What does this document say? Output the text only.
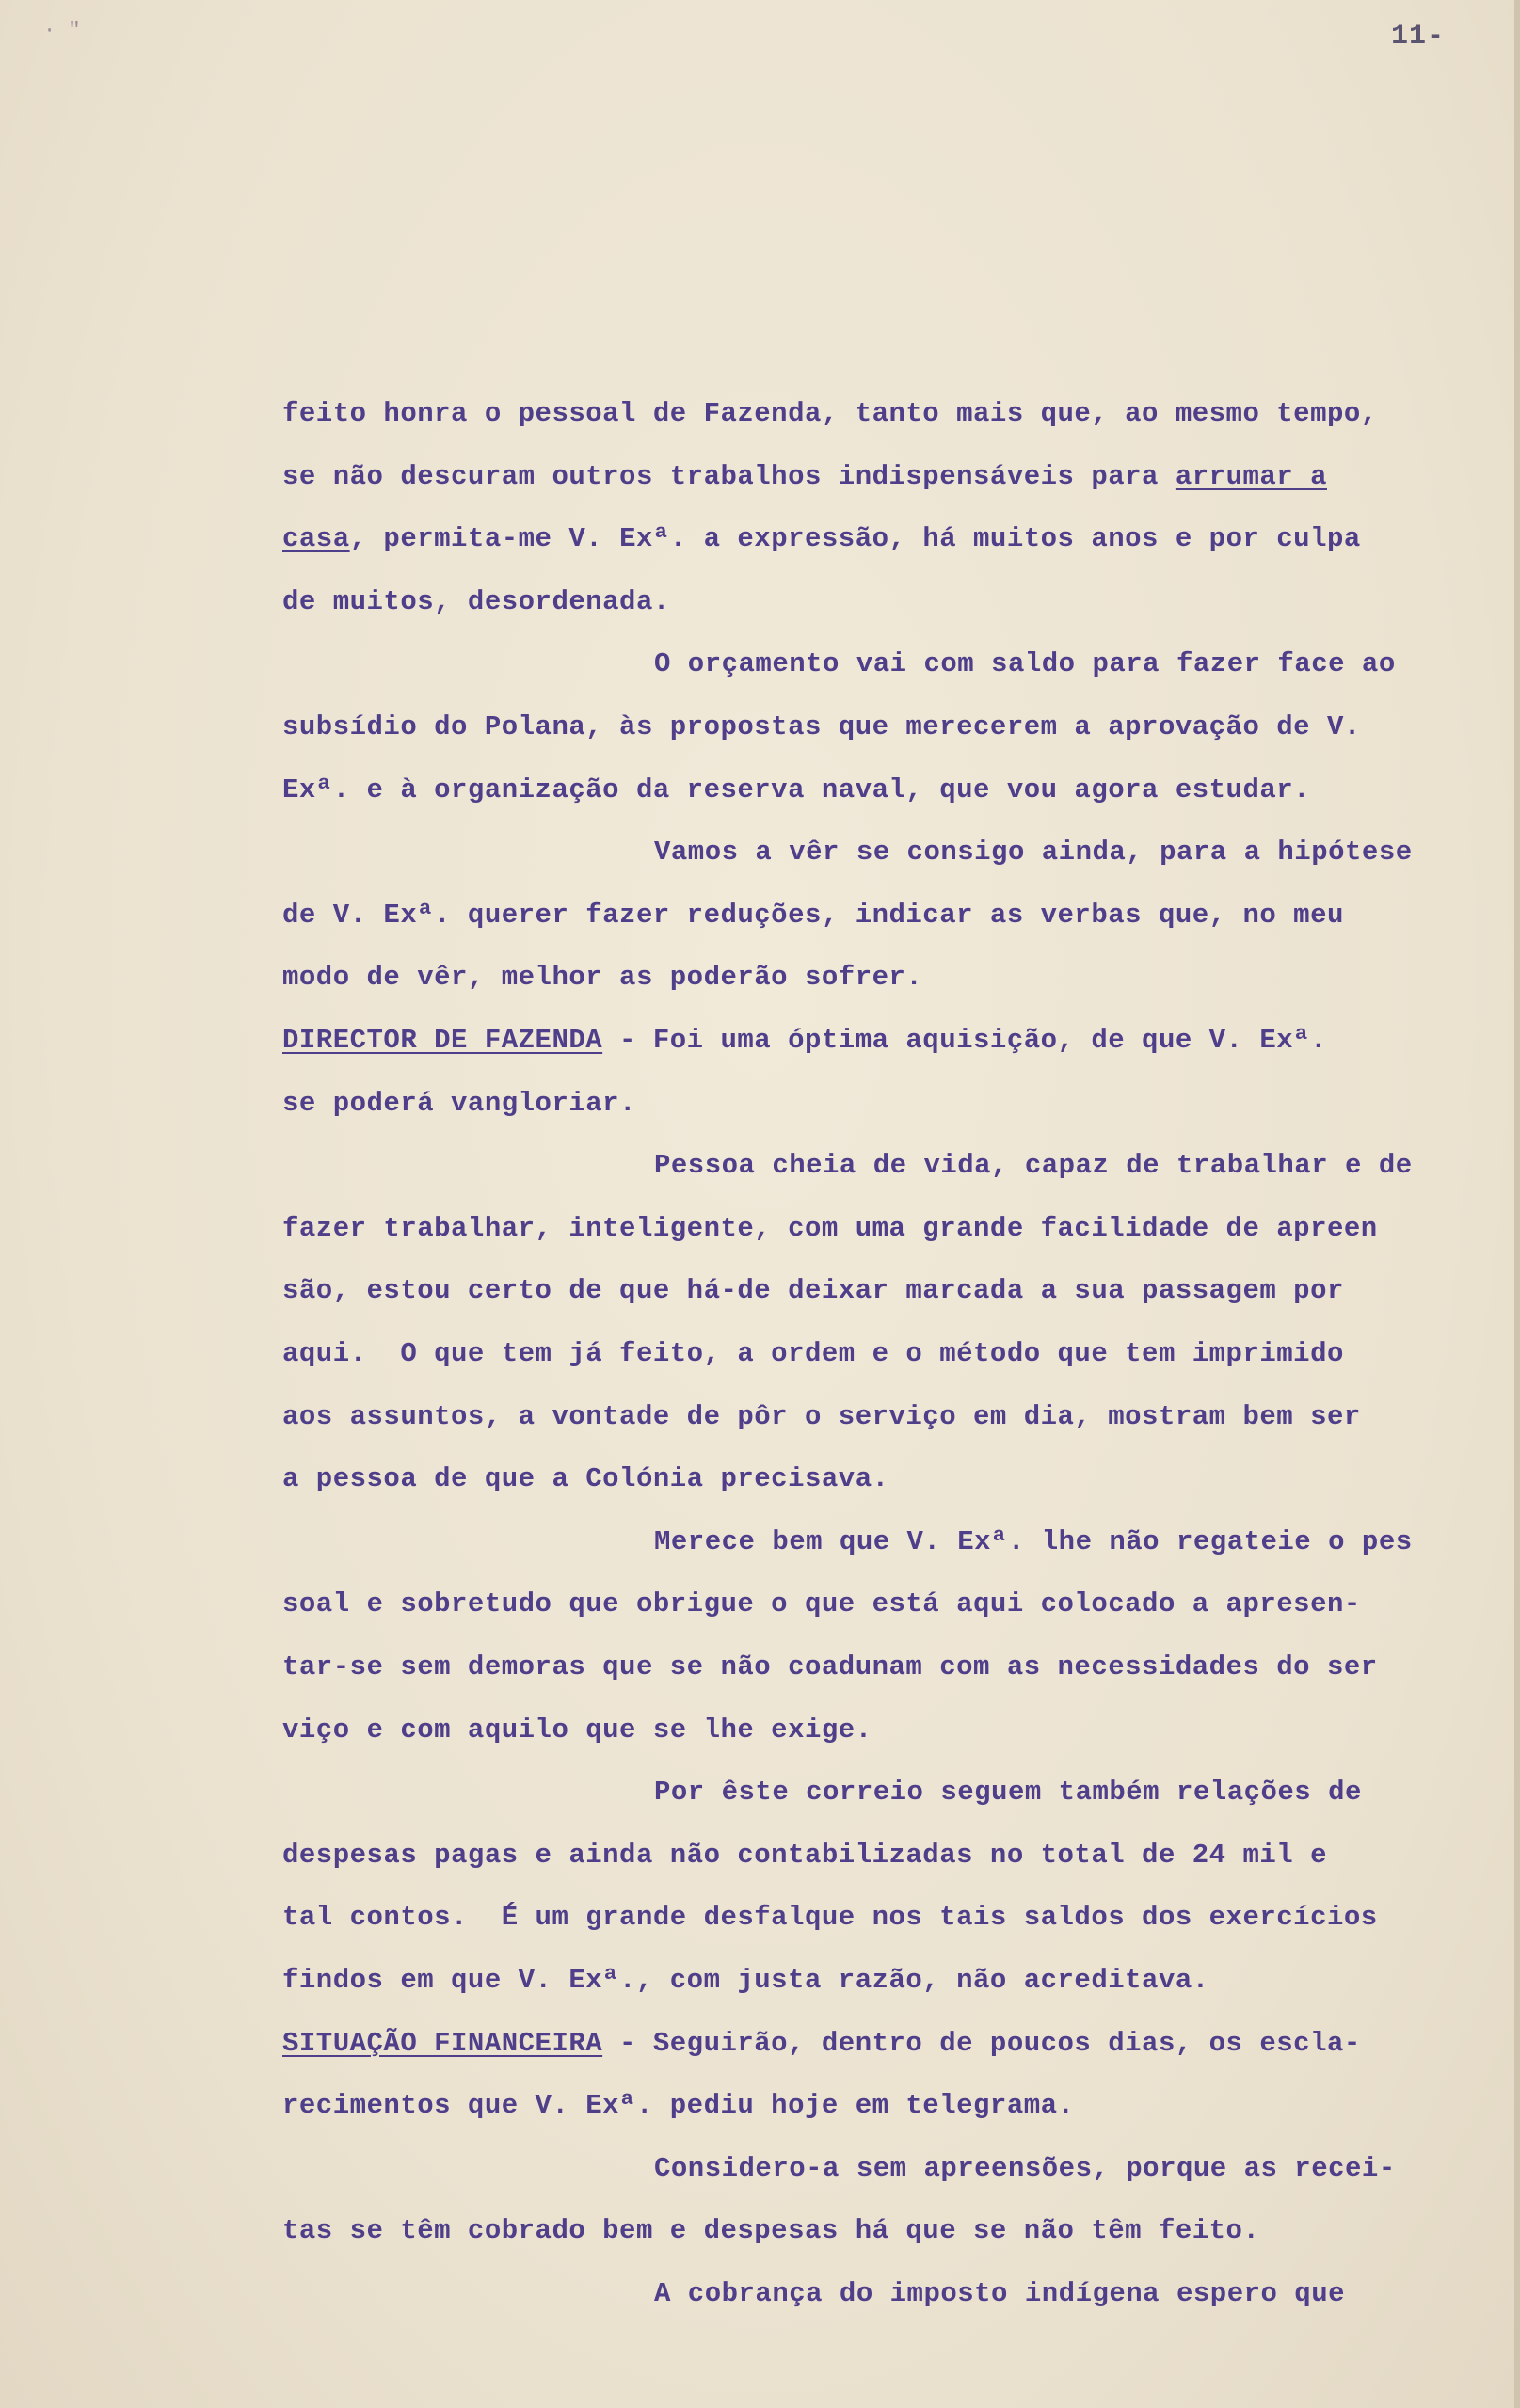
· ″	11-
feito honra o pessoal de Fazenda, tanto mais que, ao mesmo tempo,
se não descuram outros trabalhos indispensáveis para arrumar a
casa, permita-me V. Exª. a expressão, há muitos anos e por culpa
de muitos, desordenada.
O orçamento vai com saldo para fazer face ao
subsídio do Polana, às propostas que merecerem a aprovação de V.
Exª. e à organização da reserva naval, que vou agora estudar.
Vamos a vêr se consigo ainda, para a hipótese
de V. Exª. querer fazer reduções, indicar as verbas que, no meu
modo de vêr, melhor as poderão sofrer.
DIRECTOR DE FAZENDA - Foi uma óptima aquisição, de que V. Exª.
se poderá vangloriar.
Pessoa cheia de vida, capaz de trabalhar e de
fazer trabalhar, inteligente, com uma grande facilidade de apreen
são, estou certo de que há-de deixar marcada a sua passagem por
aqui.  O que tem já feito, a ordem e o método que tem imprimido
aos assuntos, a vontade de pôr o serviço em dia, mostram bem ser
a pessoa de que a Colónia precisava.
Merece bem que V. Exª. lhe não regateie o pes
soal e sobretudo que obrigue o que está aqui colocado a apresen-
tar-se sem demoras que se não coadunam com as necessidades do ser
viço e com aquilo que se lhe exige.
Por êste correio seguem também relações de
despesas pagas e ainda não contabilizadas no total de 24 mil e
tal contos.  É um grande desfalque nos tais saldos dos exercícios
findos em que V. Exª., com justa razão, não acreditava.
SITUAÇÃO FINANCEIRA - Seguirão, dentro de poucos dias, os escla-
recimentos que V. Exª. pediu hoje em telegrama.
Considero-a sem apreensões, porque as recei-
tas se têm cobrado bem e despesas há que se não têm feito.
A cobrança do imposto indígena espero que
